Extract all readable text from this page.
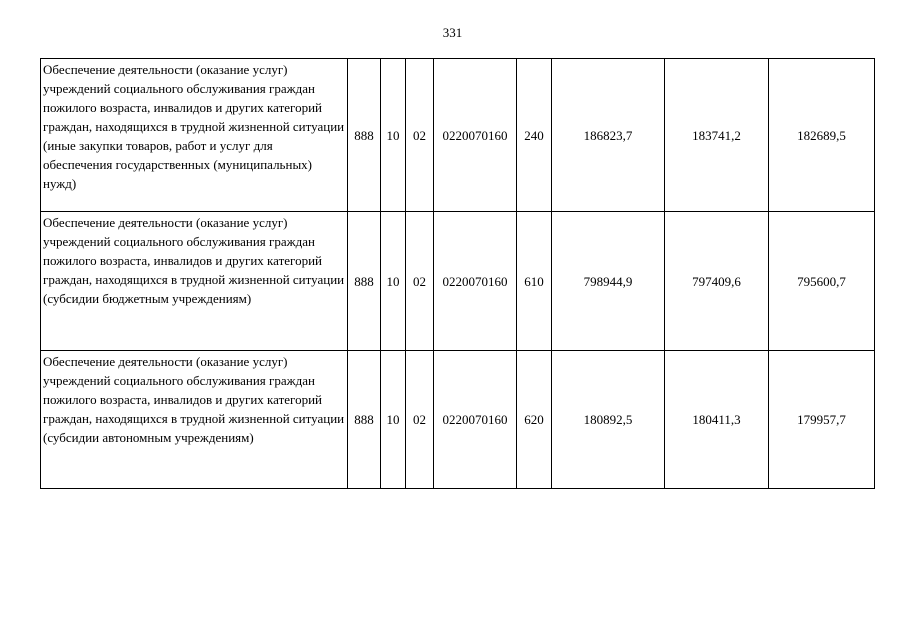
331
Обеспечение деятельности (оказание услуг) учреждений социального обслуживания граждан пожилого возраста, инвалидов и других категорий граждан, находящихся в трудной жизненной ситуации (иные закупки товаров, работ и услуг для обеспечения государственных (муниципальных) нужд)	888	10	02	0220070160	240	186823,7	183741,2	182689,5
Обеспечение деятельности (оказание услуг) учреждений социального обслуживания граждан пожилого возраста, инвалидов и других категорий граждан, находящихся в трудной жизненной ситуации (субсидии бюджетным учреждениям)	888	10	02	0220070160	610	798944,9	797409,6	795600,7
Обеспечение деятельности (оказание услуг) учреждений социального обслуживания граждан пожилого возраста, инвалидов и других категорий граждан, находящихся в трудной жизненной ситуации (субсидии автономным учреждениям)	888	10	02	0220070160	620	180892,5	180411,3	179957,7
